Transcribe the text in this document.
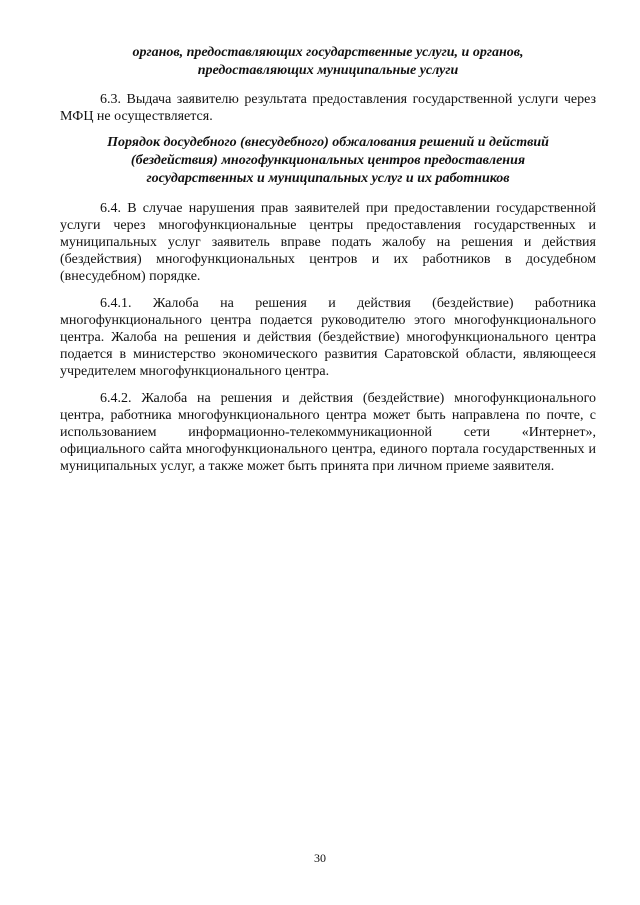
органов, предоставляющих государственные услуги, и органов,
предоставляющих муниципальные услуги

6.3. Выдача заявителю результата предоставления государственной услуги через МФЦ не осуществляется.

Порядок досудебного (внесудебного) обжалования решений и действий
(бездействия) многофункциональных центров предоставления
государственных и муниципальных услуг и их работников

6.4. В случае нарушения прав заявителей при предоставлении государственной услуги через многофункциональные центры предоставления государственных и муниципальных услуг заявитель вправе подать жалобу на решения и действия (бездействия) многофункциональных центров и их работников в досудебном (внесудебном) порядке.

6.4.1. Жалоба на решения и действия (бездействие) работника многофункционального центра подается руководителю этого многофункционального центра. Жалоба на решения и действия (бездействие) многофункционального центра подается в министерство экономического развития Саратовской области, являющееся учредителем многофункционального центра.

6.4.2. Жалоба на решения и действия (бездействие) многофункционального центра, работника многофункционального центра может быть направлена по почте, с использованием информационно-телекоммуникационной сети «Интернет», официального сайта многофункционального центра, единого портала государственных и муниципальных услуг, а также может быть принята при личном приеме заявителя.

30
